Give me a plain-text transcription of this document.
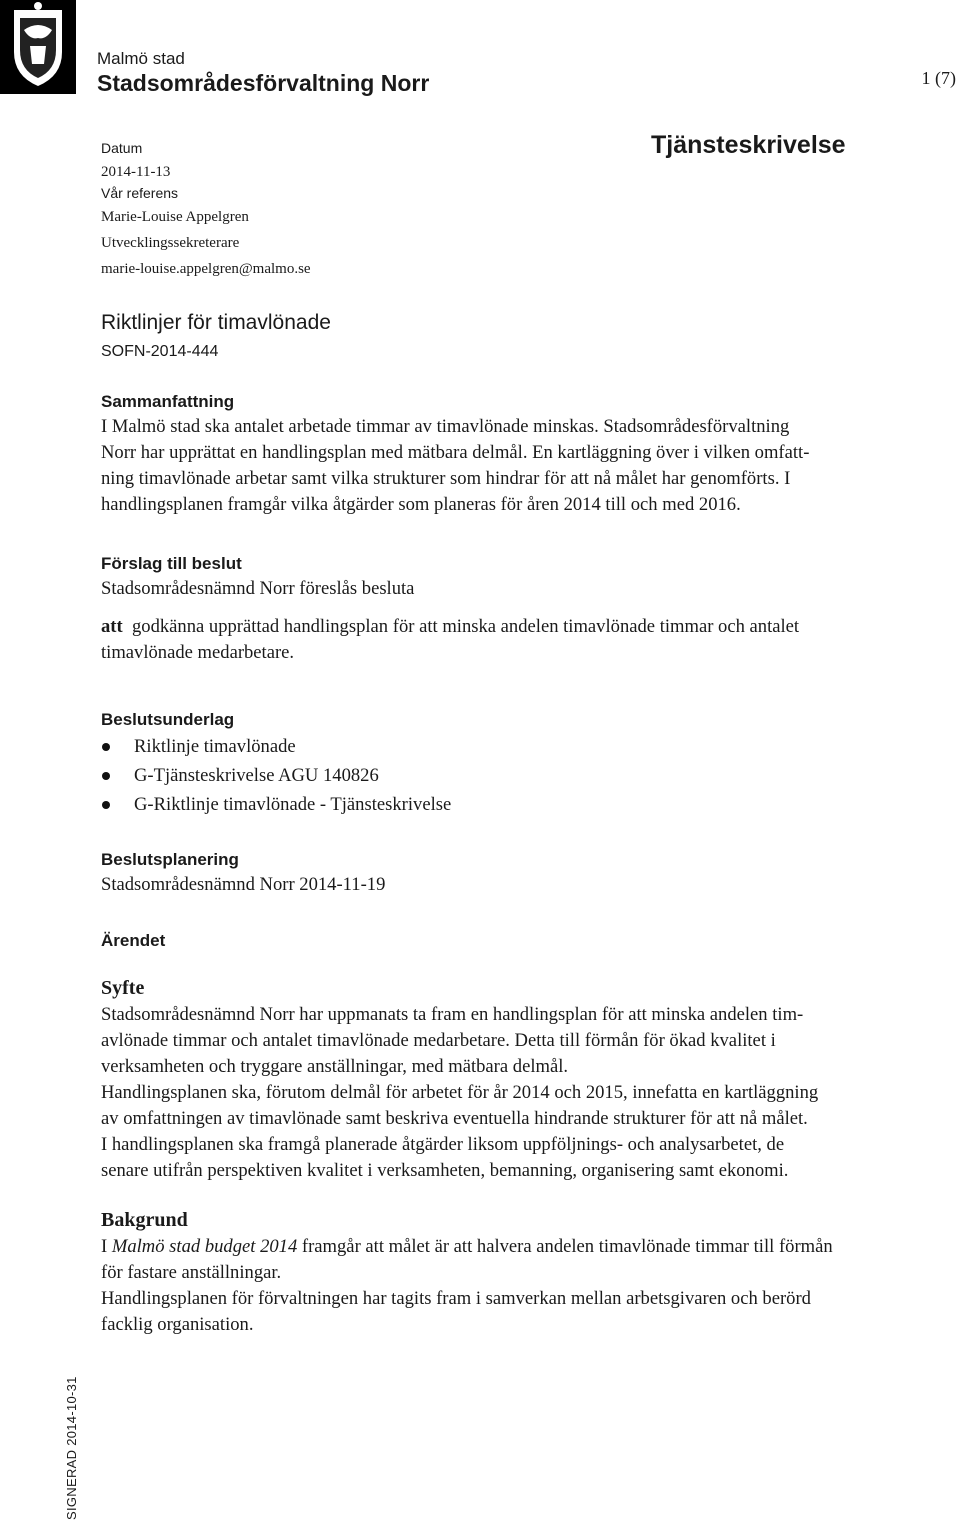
Malmö stad
Stadsområdesförvaltning Norr	1 (7)
Datum
2014-11-13
Vår referens
Marie-Louise Appelgren
Utvecklingssekreterare
marie-louise.appelgren@malmo.se
Tjänsteskrivelse
Riktlinjer för timavlönade
SOFN-2014-444
Sammanfattning
I Malmö stad ska antalet arbetade timmar av timavlönade minskas. Stadsområdesförvaltning
Norr har upprättat en handlingsplan med mätbara delmål. En kartläggning över i vilken omfatt-
ning timavlönade arbetar samt vilka strukturer som hindrar för att nå målet har genomförts. I
handlingsplanen framgår vilka åtgärder som planeras för åren 2014 till och med 2016.
Förslag till beslut
Stadsområdesnämnd Norr föreslås besluta
att godkänna upprättad handlingsplan för att minska andelen timavlönade timmar och antalet
timavlönade medarbetare.
Beslutsunderlag
Riktlinje timavlönade
G-Tjänsteskrivelse AGU 140826
G-Riktlinje timavlönade - Tjänsteskrivelse
Beslutsplanering
Stadsområdesnämnd Norr 2014-11-19
Ärendet
Syfte
Stadsområdesnämnd Norr har uppmanats ta fram en handlingsplan för att minska andelen tim-
avlönade timmar och antalet timavlönade medarbetare. Detta till förmån för ökad kvalitet i
verksamheten och tryggare anställningar, med mätbara delmål.
Handlingsplanen ska, förutom delmål för arbetet för år 2014 och 2015, innefatta en kartläggning
av omfattningen av timavlönade samt beskriva eventuella hindrande strukturer för att nå målet.
I handlingsplanen ska framgå planerade åtgärder liksom uppföljnings- och analysarbetet, de
senare utifrån perspektiven kvalitet i verksamheten, bemanning, organisering samt ekonomi.
Bakgrund
I Malmö stad budget 2014 framgår att målet är att halvera andelen timavlönade timmar till förmån
för fastare anställningar.
Handlingsplanen för förvaltningen har tagits fram i samverkan mellan arbetsgivaren och berörd
facklig organisation.
SIGNERAD 2014-10-31
